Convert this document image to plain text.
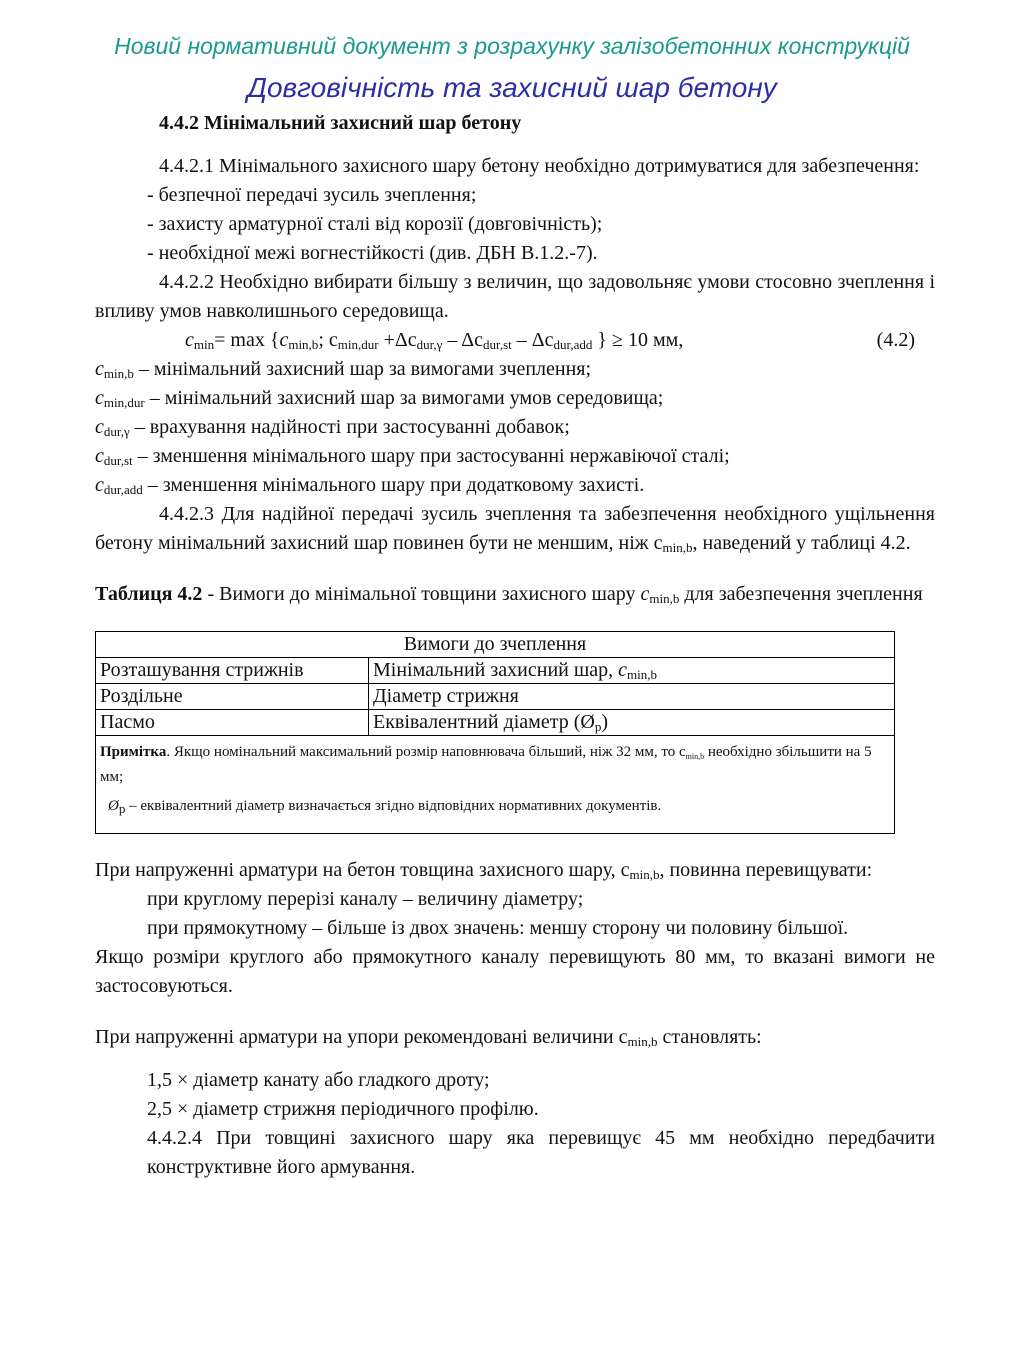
Новий нормативний документ з розрахунку залізобетонних конструкцій
Довговічність та захисний шар бетону

4.4.2 Мінімальний захисний шар бетону

4.4.2.1 Мінімального захисного шару бетону необхідно дотримуватися для забезпечення:

- безпечної передачі зусиль зчеплення;

- захисту арматурної сталі від корозії (довговічність);

- необхідної межі вогнестійкості (див. ДБН В.1.2.-7).

4.4.2.2 Необхідно вибирати більшу з величин, що задовольняє умови стосовно зчеплення і впливу умов навколишнього середовища.

$c_{min}= \max \{c_{min,b}$; $c_{min,dur} +\Delta c_{dur,\gamma} - \Delta c_{dur,st} - \Delta c_{dur,add}$ } ≥ 10 мм,	(4.2)

$c_{min,b}$ – мінімальний захисний шар за вимогами зчеплення;

$c_{min,dur}$ – мінімальний захисний шар за вимогами умов середовища;

$c_{dur,\gamma}$ – врахування надійності при застосуванні добавок;

$c_{dur,st}$ – зменшення мінімального шару при застосуванні нержавіючої сталі;

$c_{dur,add}$ – зменшення мінімального шару при додатковому захисті.

4.4.2.3 Для надійної передачі зусиль зчеплення та забезпечення необхідного ущільнення бетону мінімальний захисний шар повинен бути не меншим, ніж $c_{min,b}$, наведений у таблиці 4.2.

Таблиця 4.2 - Вимоги до мінімальної товщини захисного шару $c_{min,b}$ для забезпечення зчеплення

Вимоги до зчеплення	
Розташування стрижнів	Мінімальний захисний шар, $c_{min,b}$
Роздільне	Діаметр стрижня
Пасмо	Еквівалентний діаметр $(Ø_p)$

Примітка. Якщо номінальний максимальний розмір наповнювача більший, ніж 32 мм, то $c_{min,b}$ необхідно збільшити на 5 мм;
$Ø_p$ – еквівалентний діаметр визначається згідно відповідних нормативних документів.	

При напруженні арматури на бетон товщина захисного шару, $c_{min,b}$, повинна перевищувати:

при круглому перерізі каналу – величину діаметру;

при прямокутному – більше із двох значень: меншу сторону чи половину більшої.

Якщо розміри круглого або прямокутного каналу перевищують 80 мм, то вказані вимоги не застосовуються.

При напруженні арматури на упори рекомендовані величини $c_{min,b}$ становлять:

1,5 × діаметр канату або гладкого дроту;

2,5 × діаметр стрижня періодичного профілю.

4.4.2.4 При товщині захисного шару яка перевищує 45 мм необхідно передбачити конструктивне його армування.
